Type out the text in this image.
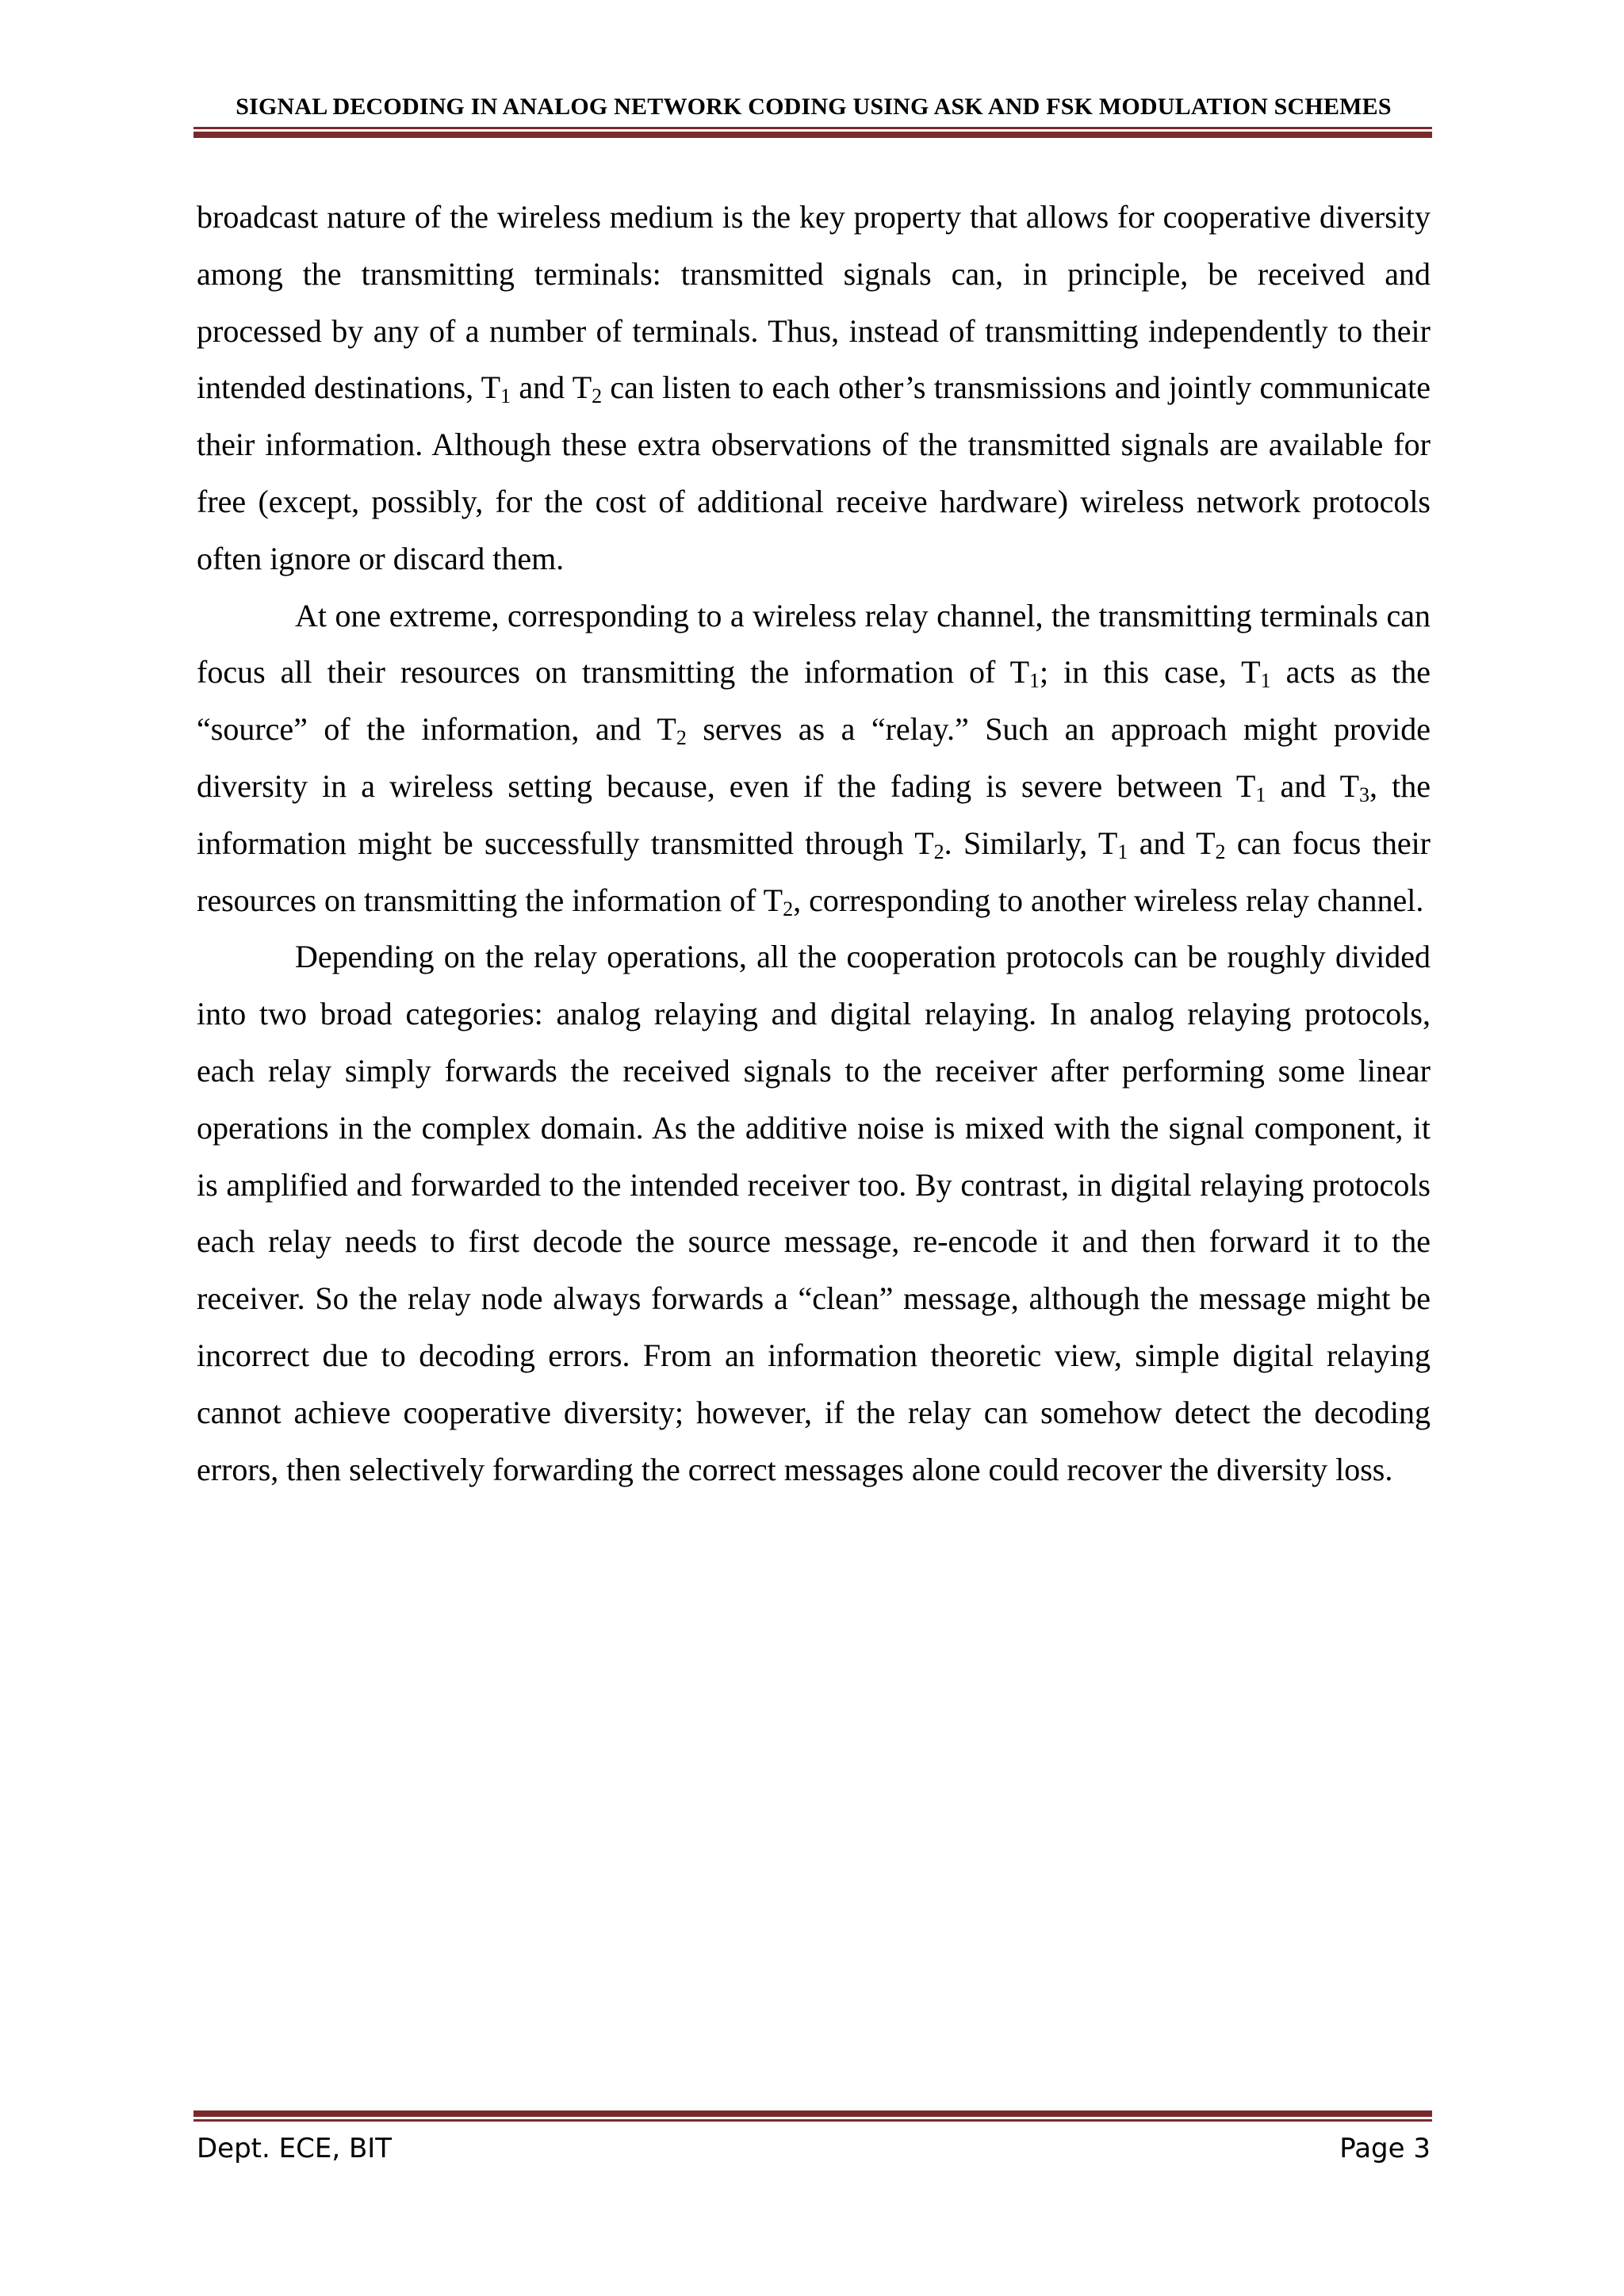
SIGNAL DECODING IN ANALOG NETWORK CODING USING ASK AND FSK MODULATION SCHEMES

broadcast nature of the wireless medium is the key property that allows for cooperative diversity among the transmitting terminals: transmitted signals can, in principle, be received and processed by any of a number of terminals. Thus, instead of transmitting independently to their intended destinations, $T_1$ and $T_2$ can listen to each other’s transmissions and jointly communicate their information. Although these extra observations of the transmitted signals are available for free (except, possibly, for the cost of additional receive hardware) wireless network protocols often ignore or discard them.

At one extreme, corresponding to a wireless relay channel, the transmitting terminals can focus all their resources on transmitting the information of $T_1$; in this case, $T_1$ acts as the “source” of the information, and $T_2$ serves as a “relay.” Such an approach might provide diversity in a wireless setting because, even if the fading is severe between $T_1$ and $T_3$, the information might be successfully transmitted through $T_2$. Similarly, $T_1$ and $T_2$ can focus their resources on transmitting the information of $T_2$, corresponding to another wireless relay channel.

Depending on the relay operations, all the cooperation protocols can be roughly divided into two broad categories: analog relaying and digital relaying. In analog relaying protocols, each relay simply forwards the received signals to the receiver after performing some linear operations in the complex domain. As the additive noise is mixed with the signal component, it is amplified and forwarded to the intended receiver too. By contrast, in digital relaying protocols each relay needs to first decode the source message, re-encode it and then forward it to the receiver. So the relay node always forwards a “clean” message, although the message might be incorrect due to decoding errors. From an information theoretic view, simple digital relaying cannot achieve cooperative diversity; however, if the relay can somehow detect the decoding errors, then selectively forwarding the correct messages alone could recover the diversity loss.

Dept. ECE, BIT	Page 3
